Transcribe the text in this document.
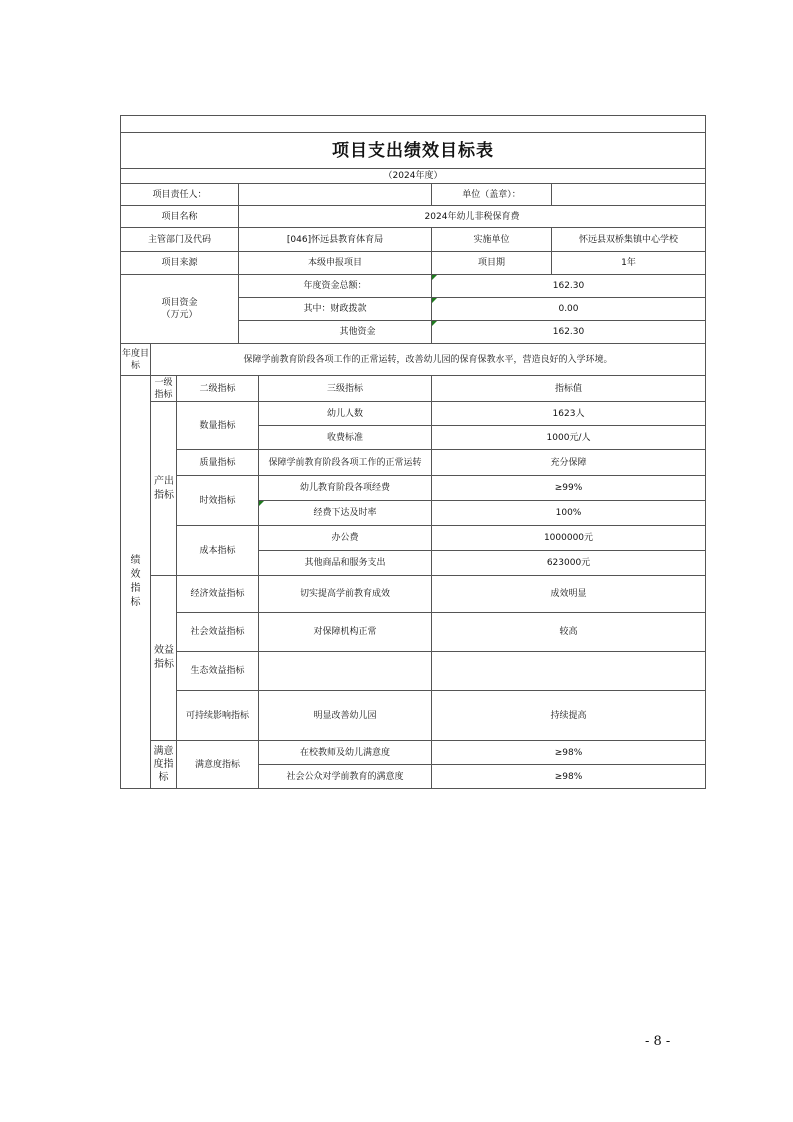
项目支出绩效目标表						
（2024年度）						
项目责任人：					单位（盖章）：	
项目名称			2024年幼儿非税保育费			
主管部门及代码			[046]怀远县教育体育局		实施单位	怀远县双桥集镇中心学校
项目来源			本级申报项目		项目期	1年
项目资金
（万元）			年度资金总额：		162.30	
			其中：财政拨款		0.00	
			其他资金		162.30	
年度目标	保障学前教育阶段各项工作的正常运转，改善幼儿园的保育保教水平，营造良好的入学环境。					
绩效指标	一级指标	二级指标		三级指标	指标值	
	产出指标	数量指标		幼儿人数	1623人	
				收费标准	1000元/人	
		质量指标		保障学前教育阶段各项工作的正常运转	充分保障	
		时效指标		幼儿教育阶段各项经费	≥99%	
				经费下达及时率	100%	
		成本指标		办公费	1000000元	
				其他商品和服务支出	623000元	
	效益指标	经济效益指标		切实提高学前教育成效	成效明显	
		社会效益指标		对保障机构正常	较高	
		生态效益指标				
		可持续影响指标		明显改善幼儿园	持续提高	
	满意度指标	满意度指标		在校教师及幼儿满意度	≥98%	
				社会公众对学前教育的满意度	≥98%	
- 8 -
